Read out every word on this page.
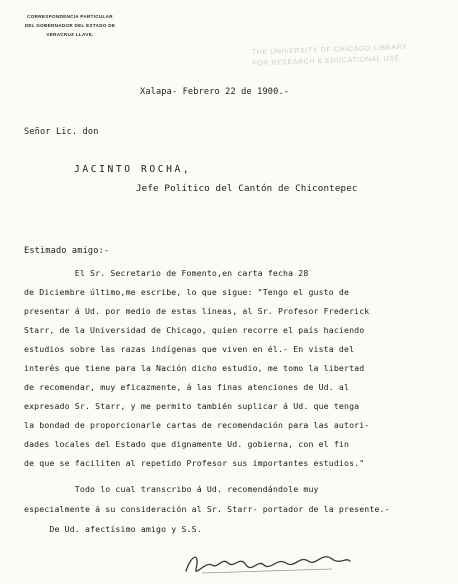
CORRESPONDENCIA PARTICULAR
DEL GOBERNADOR DEL ESTADO DE
VERACRUZ LLAVE.
THE UNIVERSITY OF CHICAGO LIBRARY
FOR RESEARCH & EDUCATIONAL USE
Xalapa- Febrero 22 de 1900.-
Señor Lic. don
JACINTO ROCHA,
Jefe Político del Cantón de Chicontepec
Estimado amigo:-
El Sr. Secretario de Fomento,en carta fecha 28
de Diciembre último,me escribe, lo que sigue: "Tengo el gusto de
presentar á Ud. por medio de estas líneas, al Sr. Profesor Frederick
Starr, de la Universidad de Chicago, quien recorre el país haciendo
estudios sobre las razas indígenas que viven en él.- En vista del
interés que tiene para la Nación dicho estudio, me tomo la libertad
de recomendar, muy eficazmente, á las finas atenciones de Ud. al
expresado Sr. Starr, y me permito también suplicar á Ud. que tenga
la bondad de proporcionarle cartas de recomendación para las autori-
dades locales del Estado que dignamente Ud. gobierna, con el fin
de que se faciliten al repetido Profesor sus importantes estudios."
Todo lo cual transcribo á Ud. recomendándole muy
especialmente á su consideración al Sr. Starr- portador de la presente.-
De Ud. afectísimo amigo y S.S.
